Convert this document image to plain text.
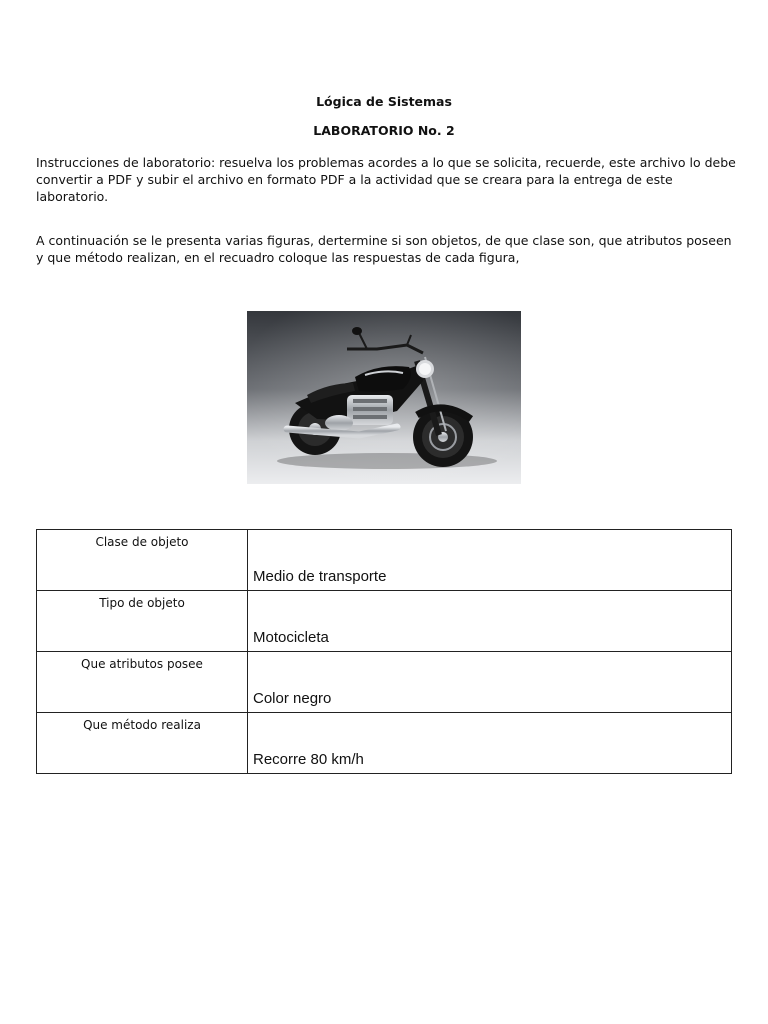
Lógica de Sistemas

LABORATORIO No. 2

Instrucciones de laboratorio: resuelva los problemas acordes a lo que se solicita, recuerde, este archivo lo debe convertir a PDF y subir el archivo en formato PDF a la actividad que se creara para la entrega de este laboratorio.

A continuación se le presenta varias figuras, dertermine si son objetos, de que clase son, que atributos poseen y que método realizan, en el recuadro coloque las respuestas de cada figura,

Clase de objeto	Medio de transporte
Tipo de objeto	Motocicleta
Que atributos posee	Color negro
Que método realiza	Recorre 80 km/h
